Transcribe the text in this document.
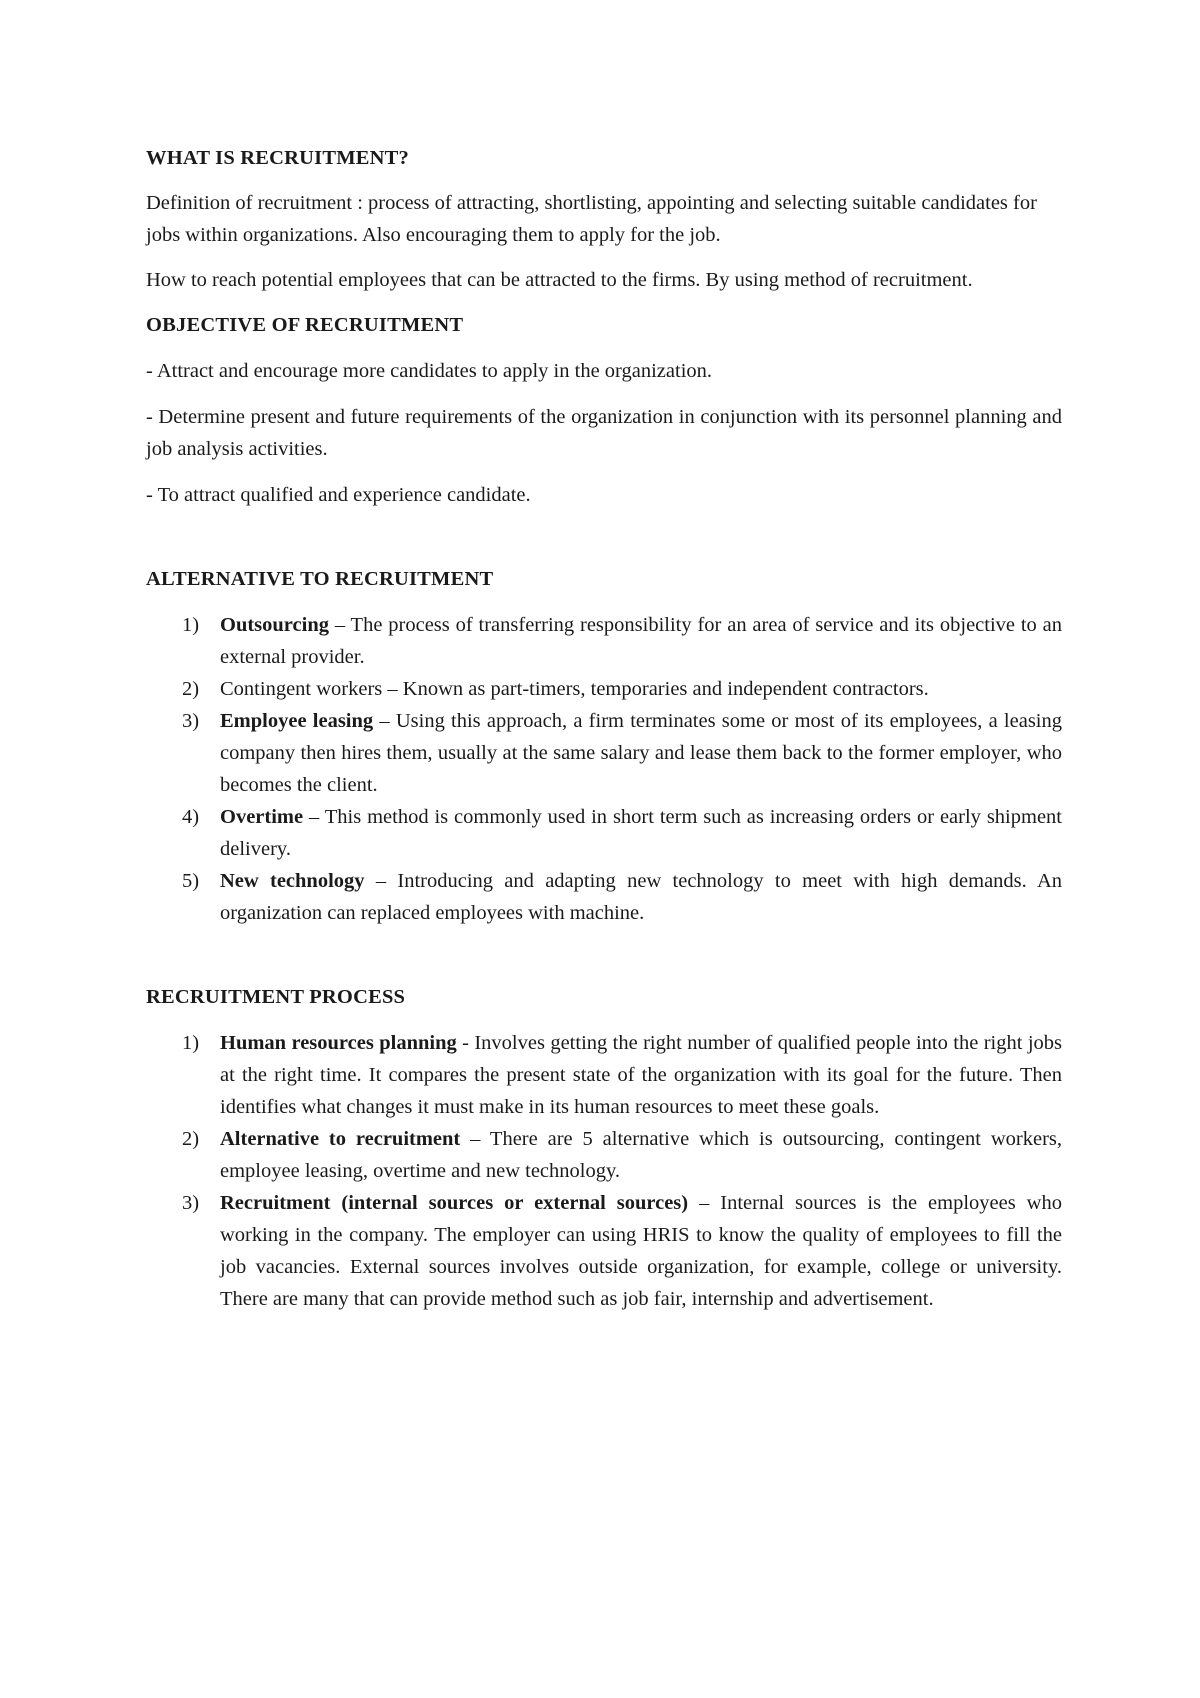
WHAT IS RECRUITMENT?

Definition of recruitment : process of attracting, shortlisting, appointing and selecting suitable candidates for jobs within organizations. Also encouraging them to apply for the job.

How to reach potential employees that can be attracted to the firms. By using method of recruitment.

OBJECTIVE OF RECRUITMENT

- Attract and encourage more candidates to apply in the organization.

- Determine present and future requirements of the organization in conjunction with its personnel planning and job analysis activities.

- To attract qualified and experience candidate.

ALTERNATIVE TO RECRUITMENT
1) Outsourcing – The process of transferring responsibility for an area of service and its objective to an external provider.
2) Contingent workers – Known as part-timers, temporaries and independent contractors.
3) Employee leasing – Using this approach, a firm terminates some or most of its employees, a leasing company then hires them, usually at the same salary and lease them back to the former employer, who becomes the client.
4) Overtime – This method is commonly used in short term such as increasing orders or early shipment delivery.
5) New technology – Introducing and adapting new technology to meet with high demands. An organization can replaced employees with machine.
RECRUITMENT PROCESS
1) Human resources planning - Involves getting the right number of qualified people into the right jobs at the right time. It compares the present state of the organization with its goal for the future. Then identifies what changes it must make in its human resources to meet these goals.
2) Alternative to recruitment – There are 5 alternative which is outsourcing, contingent workers, employee leasing, overtime and new technology.
3) Recruitment (internal sources or external sources) – Internal sources is the employees who working in the company. The employer can using HRIS to know the quality of employees to fill the job vacancies. External sources involves outside organization, for example, college or university. There are many that can provide method such as job fair, internship and advertisement.
